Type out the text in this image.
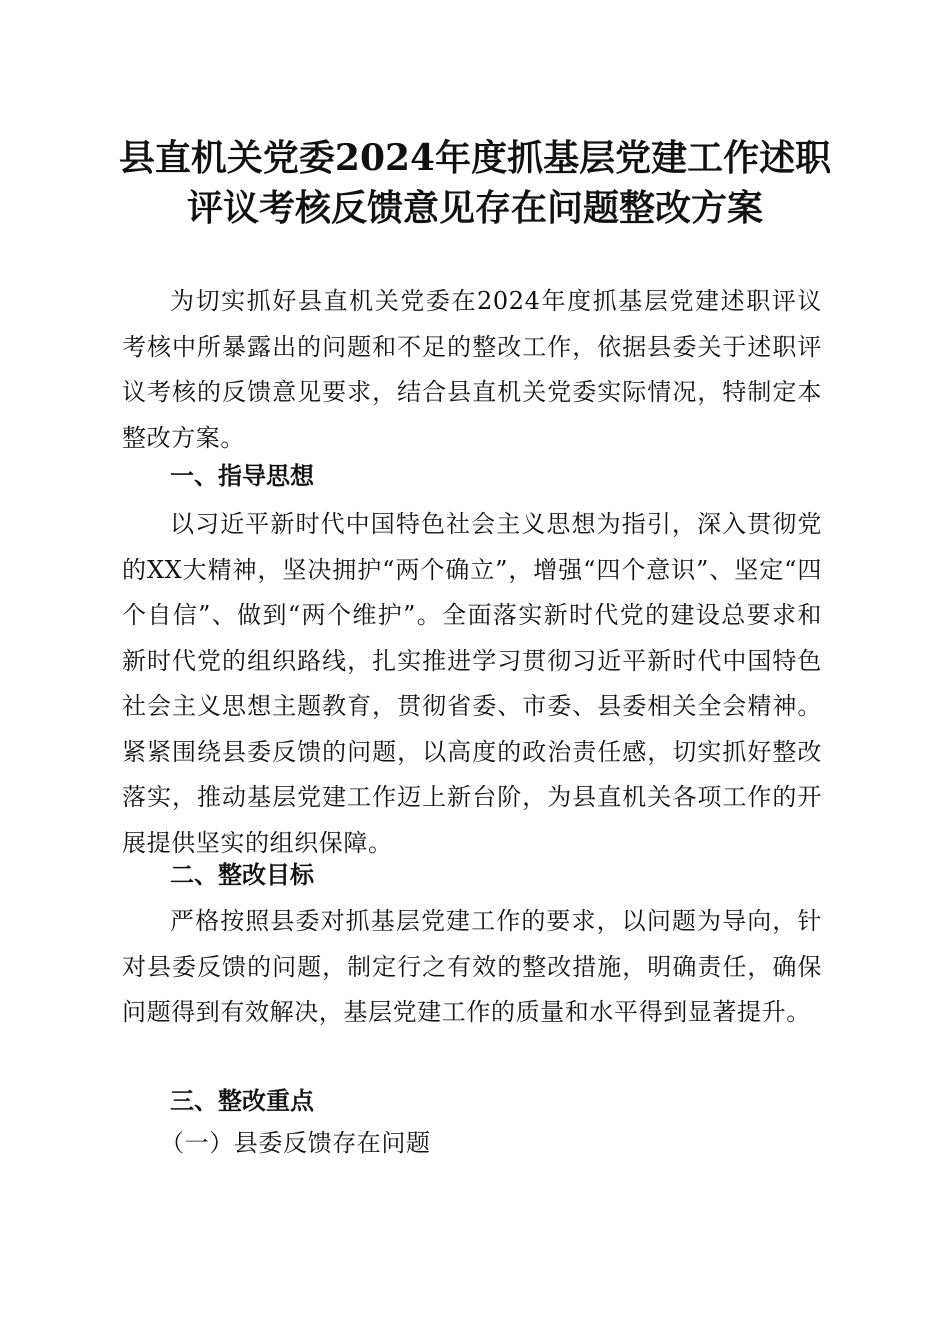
县直机关党委2024年度抓基层党建工作述职
评议考核反馈意见存在问题整改方案

为切实抓好县直机关党委在2024年度抓基层党建述职评议考核中所暴露出的问题和不足的整改工作，依据县委关于述职评议考核的反馈意见要求，结合县直机关党委实际情况，特制定本整改方案。

一、指导思想

以习近平新时代中国特色社会主义思想为指引，深入贯彻党的XX大精神，坚决拥护“两个确立”，增强“四个意识”、坚定“四个自信”、做到“两个维护”。全面落实新时代党的建设总要求和新时代党的组织路线，扎实推进学习贯彻习近平新时代中国特色社会主义思想主题教育，贯彻省委、市委、县委相关全会精神。紧紧围绕县委反馈的问题，以高度的政治责任感，切实抓好整改落实，推动基层党建工作迈上新台阶，为县直机关各项工作的开展提供坚实的组织保障。

二、整改目标

严格按照县委对抓基层党建工作的要求，以问题为导向，针对县委反馈的问题，制定行之有效的整改措施，明确责任，确保问题得到有效解决，基层党建工作的质量和水平得到显著提升。

三、整改重点
（一）县委反馈存在问题
